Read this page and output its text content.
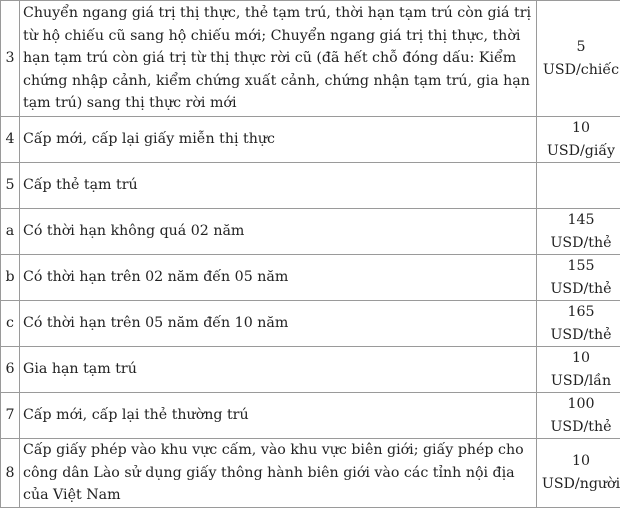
3	Chuyển ngang giá trị thị thực, thẻ tạm trú, thời hạn tạm trú còn giá trị từ hộ chiếu cũ sang hộ chiếu mới; Chuyển ngang giá trị thị thực, thời hạn tạm trú còn giá trị từ thị thực rời cũ (đã hết chỗ đóng dấu: Kiểm chứng nhập cảnh, kiểm chứng xuất cảnh, chứng nhận tạm trú, gia hạn tạm trú) sang thị thực rời mới	5 USD/chiếc
4	Cấp mới, cấp lại giấy miễn thị thực	10 USD/giấy
5	Cấp thẻ tạm trú	
a	Có thời hạn không quá 02 năm	145 USD/thẻ
b	Có thời hạn trên 02 năm đến 05 năm	155 USD/thẻ
c	Có thời hạn trên 05 năm đến 10 năm	165 USD/thẻ
6	Gia hạn tạm trú	10 USD/lần
7	Cấp mới, cấp lại thẻ thường trú	100 USD/thẻ
8	Cấp giấy phép vào khu vực cấm, vào khu vực biên giới; giấy phép cho công dân Lào sử dụng giấy thông hành biên giới vào các tỉnh nội địa của Việt Nam	10 USD/người
